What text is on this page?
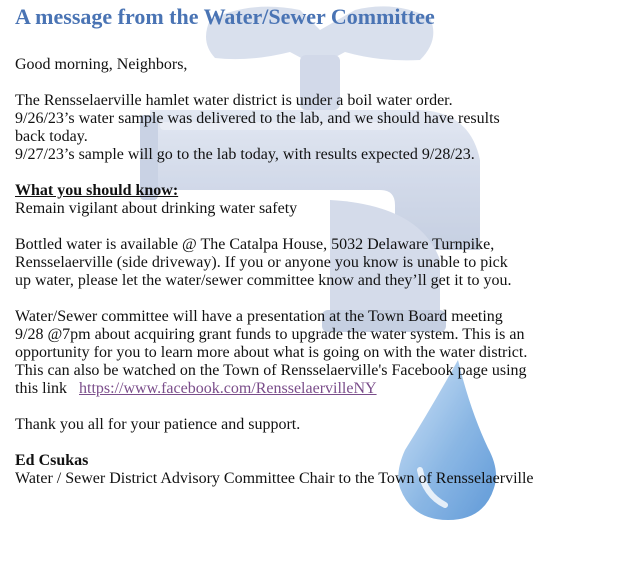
A message from the Water/Sewer Committee
Good morning, Neighbors,
The Rensselaerville hamlet water district is under a boil water order.
9/26/23’s water sample was delivered to the lab, and we should have results
back today.
9/27/23’s sample will go to the lab today, with results expected 9/28/23.
What you should know:
Remain vigilant about drinking water safety
Bottled water is available @ The Catalpa House, 5032 Delaware Turnpike,
Rensselaerville (side driveway). If you or anyone you know is unable to pick
up water, please let the water/sewer committee know and they’ll get it to you.
Water/Sewer committee will have a presentation at the Town Board meeting
9/28 @7pm about acquiring grant funds to upgrade the water system. This is an
opportunity for you to learn more about what is going on with the water district.
This can also be watched on the Town of Rensselaerville's Facebook page using
this link   https://www.facebook.com/RensselaervilleNY
Thank you all for your patience and support.
Ed Csukas
Water / Sewer District Advisory Committee Chair to the Town of Rensselaerville
